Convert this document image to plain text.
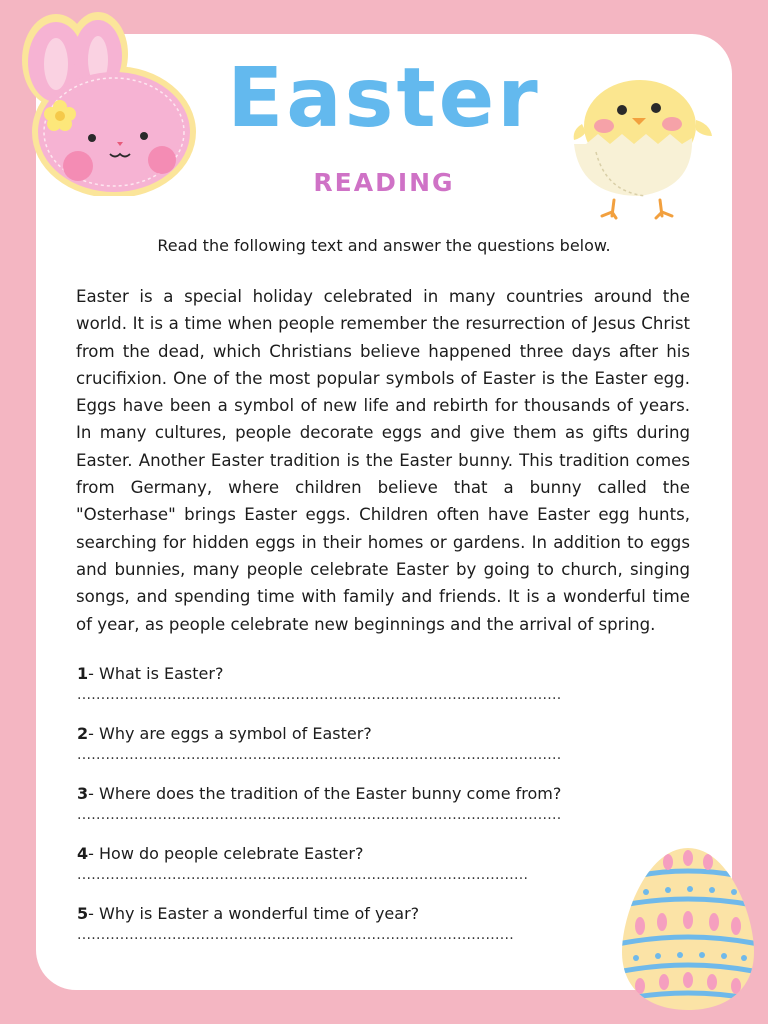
Easter
READING
Read the following text and answer the questions below.

Easter is a special holiday celebrated in many countries around the world. It is a time when people remember the resurrection of Jesus Christ from the dead, which Christians believe happened three days after his crucifixion. One of the most popular symbols of Easter is the Easter egg. Eggs have been a symbol of new life and rebirth for thousands of years. In many cultures, people decorate eggs and give them as gifts during Easter. Another Easter tradition is the Easter bunny. This tradition comes from Germany, where children believe that a bunny called the "Osterhase" brings Easter eggs. Children often have Easter egg hunts, searching for hidden eggs in their homes or gardens. In addition to eggs and bunnies, many people celebrate Easter by going to church, singing songs, and spending time with family and friends. It is a wonderful time of year, as people celebrate new beginnings and the arrival of spring.

1- What is Easter?
......................................................................................................
2- Why are eggs a symbol of Easter?
......................................................................................................
3- Where does the tradition of the Easter bunny come from?
......................................................................................................
4- How do people celebrate Easter?
...............................................................................................
5- Why is Easter a wonderful time of year?
............................................................................................
